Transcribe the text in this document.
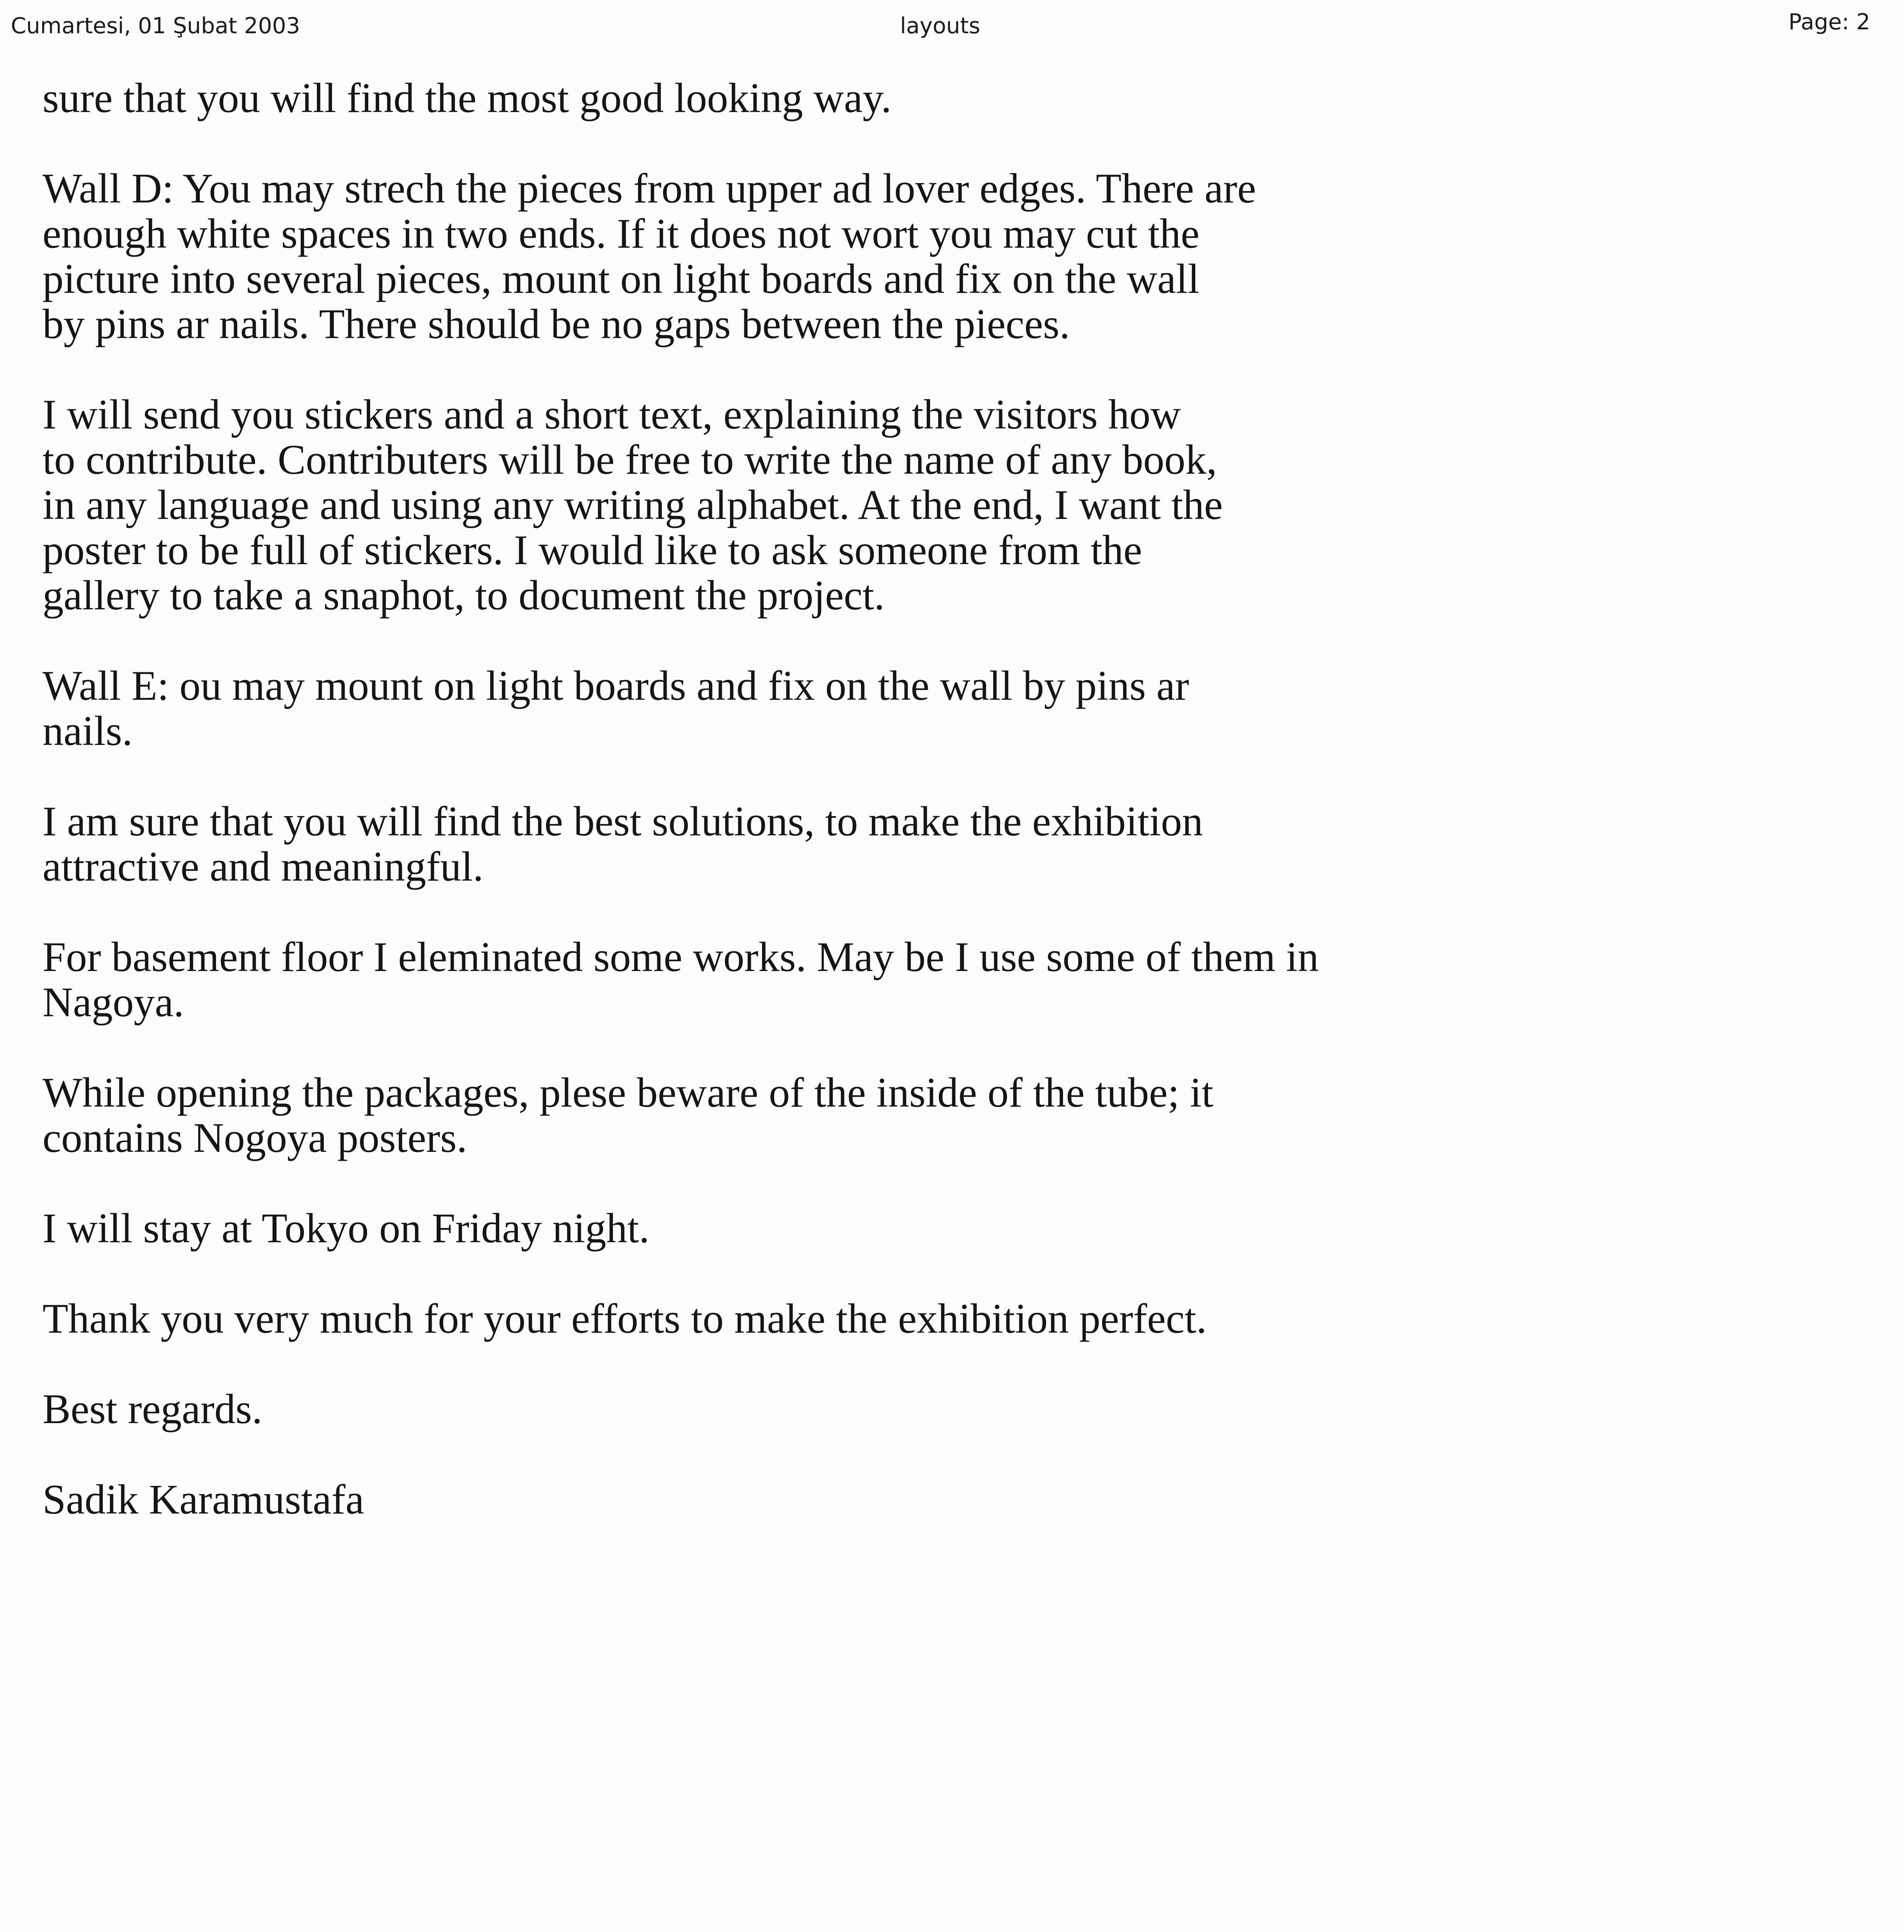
Cumartesi, 01 Şubat 2003	layouts	Page: 2

sure that you will find the most good looking way.

Wall D: You may strech the pieces from upper ad lover edges. There are
enough white spaces in two ends. If it does not wort you may cut the
picture into several pieces, mount on light boards and fix on the wall
by pins ar nails. There should be no gaps between the pieces.

I will send you stickers and a short text, explaining the visitors how
to contribute. Contributers will be free to write the name of any book,
in any language and using any writing alphabet. At the end, I want the
poster to be full of stickers. I would like to ask someone from the
gallery to take a snaphot, to document the project.

Wall E: ou may mount on light boards and fix on the wall by pins ar
nails.

I am sure that you will find the best solutions, to make the exhibition
attractive and meaningful.

For basement floor I eleminated some works. May be I use some of them in
Nagoya.

While opening the packages, plese beware of the inside of the tube; it
contains Nogoya posters.

I will stay at Tokyo on Friday night.

Thank you very much for your efforts to make the exhibition perfect.

Best regards.

Sadik Karamustafa
